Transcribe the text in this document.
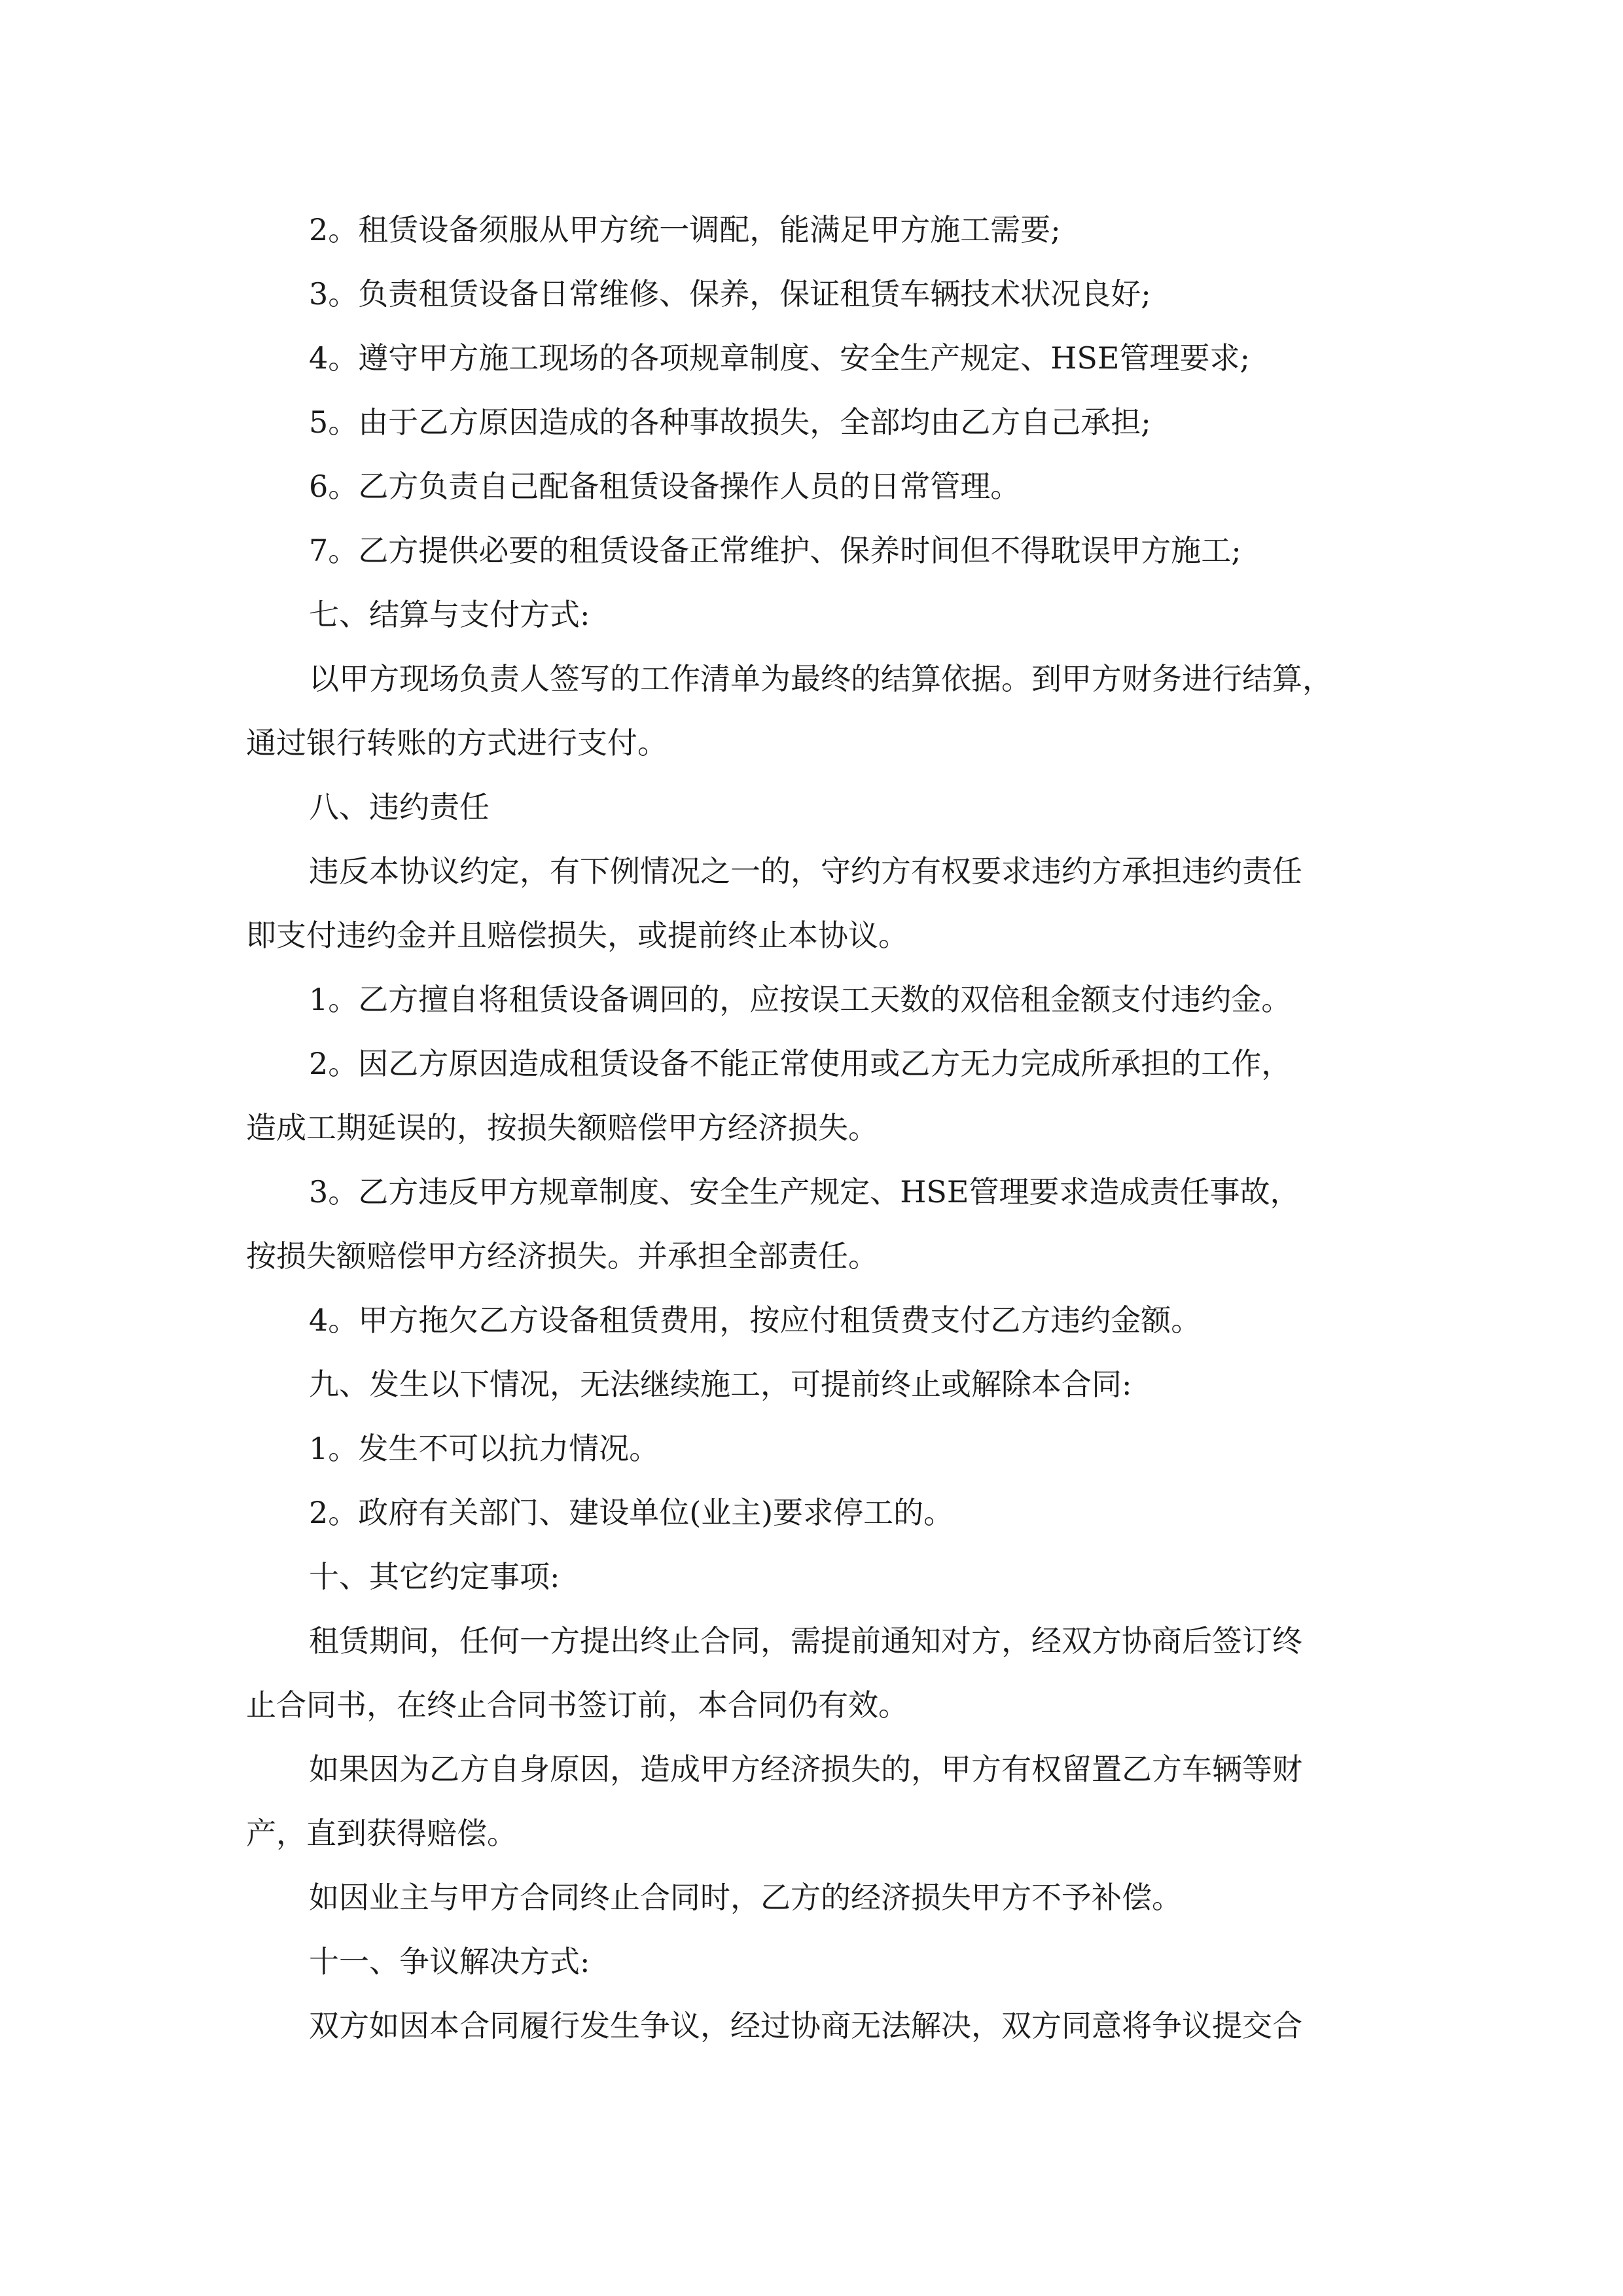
2。租赁设备须服从甲方统一调配，能满足甲方施工需要;

3。负责租赁设备日常维修、保养，保证租赁车辆技术状况良好;

4。遵守甲方施工现场的各项规章制度、安全生产规定、HSE管理要求;

5。由于乙方原因造成的各种事故损失，全部均由乙方自己承担;

6。乙方负责自己配备租赁设备操作人员的日常管理。

7。乙方提供必要的租赁设备正常维护、保养时间但不得耽误甲方施工;

七、结算与支付方式:

以甲方现场负责人签写的工作清单为最终的结算依据。到甲方财务进行结算，
通过银行转账的方式进行支付。

八、违约责任

违反本协议约定，有下例情况之一的，守约方有权要求违约方承担违约责任
即支付违约金并且赔偿损失，或提前终止本协议。

1。乙方擅自将租赁设备调回的，应按误工天数的双倍租金额支付违约金。

2。因乙方原因造成租赁设备不能正常使用或乙方无力完成所承担的工作，
造成工期延误的，按损失额赔偿甲方经济损失。

3。乙方违反甲方规章制度、安全生产规定、HSE管理要求造成责任事故，
按损失额赔偿甲方经济损失。并承担全部责任。

4。甲方拖欠乙方设备租赁费用，按应付租赁费支付乙方违约金额。

九、发生以下情况，无法继续施工，可提前终止或解除本合同:

1。发生不可以抗力情况。

2。政府有关部门、建设单位(业主)要求停工的。

十、其它约定事项:

租赁期间，任何一方提出终止合同，需提前通知对方，经双方协商后签订终
止合同书，在终止合同书签订前，本合同仍有效。

如果因为乙方自身原因，造成甲方经济损失的，甲方有权留置乙方车辆等财
产，直到获得赔偿。

如因业主与甲方合同终止合同时，乙方的经济损失甲方不予补偿。

十一、争议解决方式:

双方如因本合同履行发生争议，经过协商无法解决，双方同意将争议提交合
